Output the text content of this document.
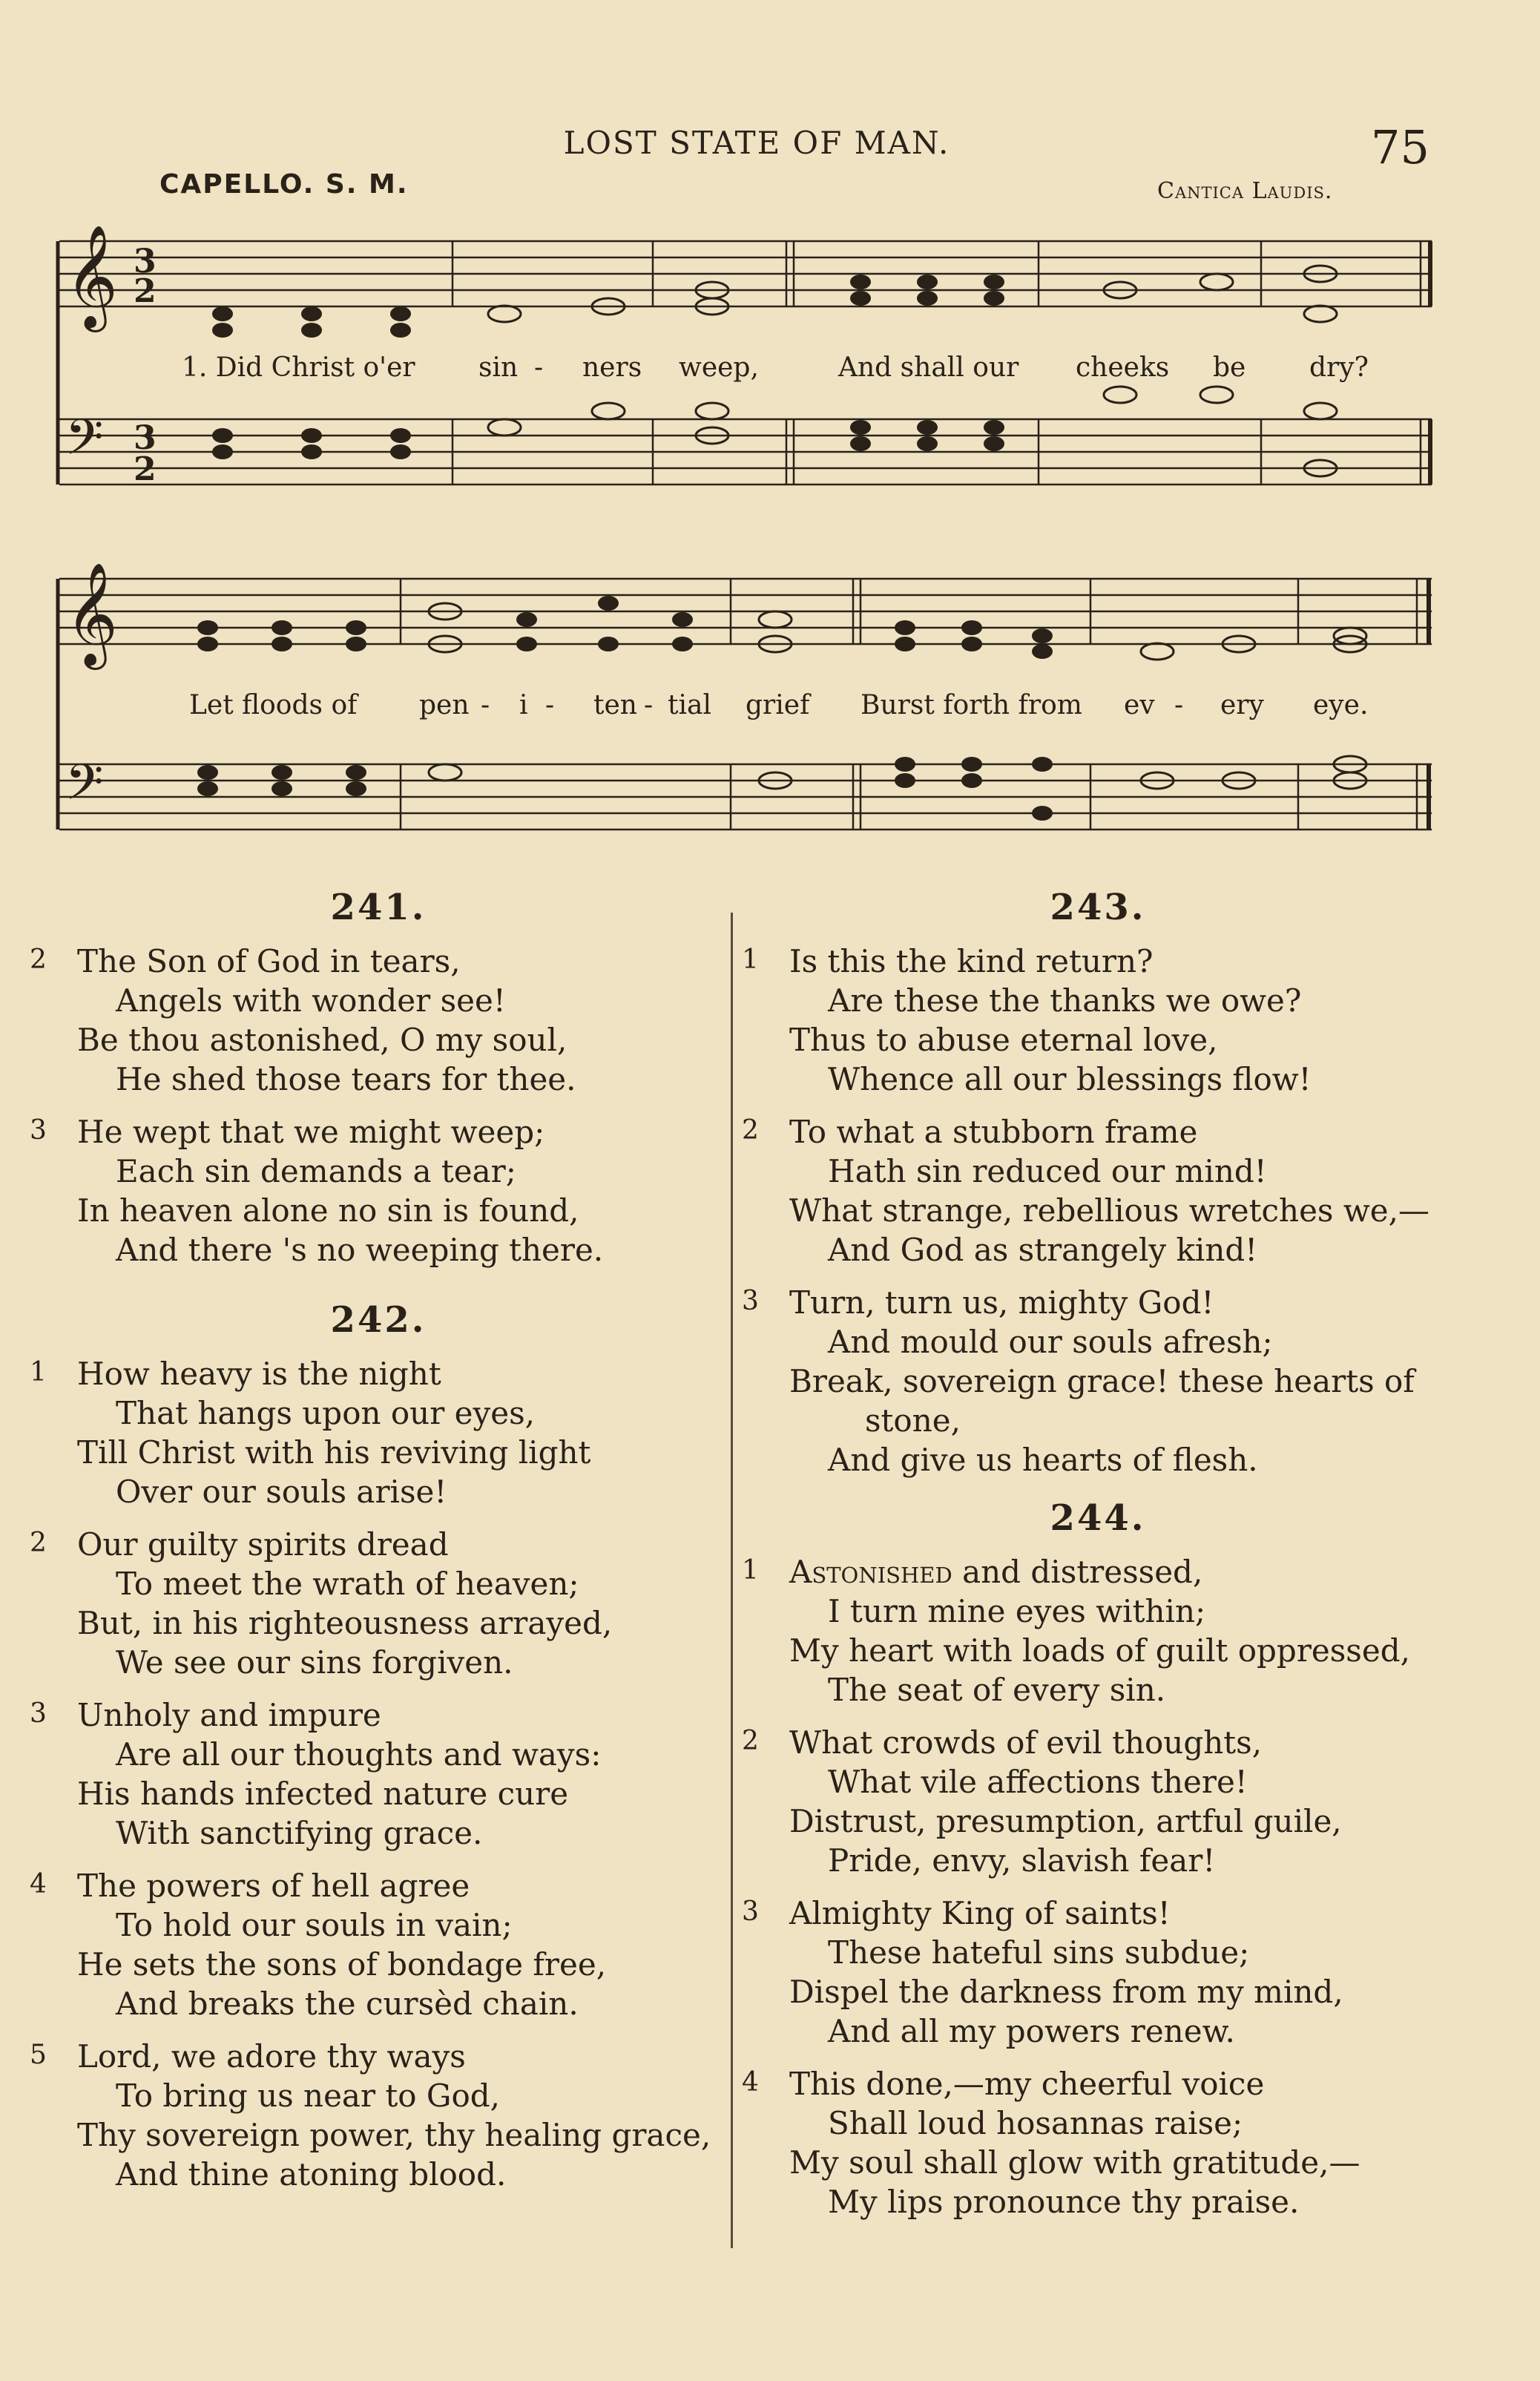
LOST STATE OF MAN.	75
CAPELLO. S. M.	Cantica Laudis.
𝄞
𝄢
3
2
3
2
1. Did Christ o'er sin - ners weep,	And shall our cheeks be dry?
𝄞
𝄢
Let floods of pen - i - ten - tial grief Burst forth from ev - ery eye.
241.
2 The Son of God in tears,
Angels with wonder see!
Be thou astonished, O my soul,
He shed those tears for thee.
3 He wept that we might weep;
Each sin demands a tear;
In heaven alone no sin is found,
And there 's no weeping there.
242.
1 How heavy is the night
That hangs upon our eyes,
Till Christ with his reviving light
Over our souls arise!
2 Our guilty spirits dread
To meet the wrath of heaven;
But, in his righteousness arrayed,
We see our sins forgiven.
3 Unholy and impure
Are all our thoughts and ways:
His hands infected nature cure
With sanctifying grace.
4 The powers of hell agree
To hold our souls in vain;
He sets the sons of bondage free,
And breaks the cursèd chain.
5 Lord, we adore thy ways
To bring us near to God,
Thy sovereign power, thy healing grace,
And thine atoning blood.
243.
1 Is this the kind return?
Are these the thanks we owe?
Thus to abuse eternal love,
Whence all our blessings flow!
2 To what a stubborn frame
Hath sin reduced our mind!
What strange, rebellious wretches we,—
And God as strangely kind!
3 Turn, turn us, mighty God!
And mould our souls afresh;
Break, sovereign grace! these hearts of
stone,
And give us hearts of flesh.
244.
1 Astonished and distressed,
I turn mine eyes within;
My heart with loads of guilt oppressed,
The seat of every sin.
2 What crowds of evil thoughts,
What vile affections there!
Distrust, presumption, artful guile,
Pride, envy, slavish fear!
3 Almighty King of saints!
These hateful sins subdue;
Dispel the darkness from my mind,
And all my powers renew.
4 This done,—my cheerful voice
Shall loud hosannas raise;
My soul shall glow with gratitude,—
My lips pronounce thy praise.
